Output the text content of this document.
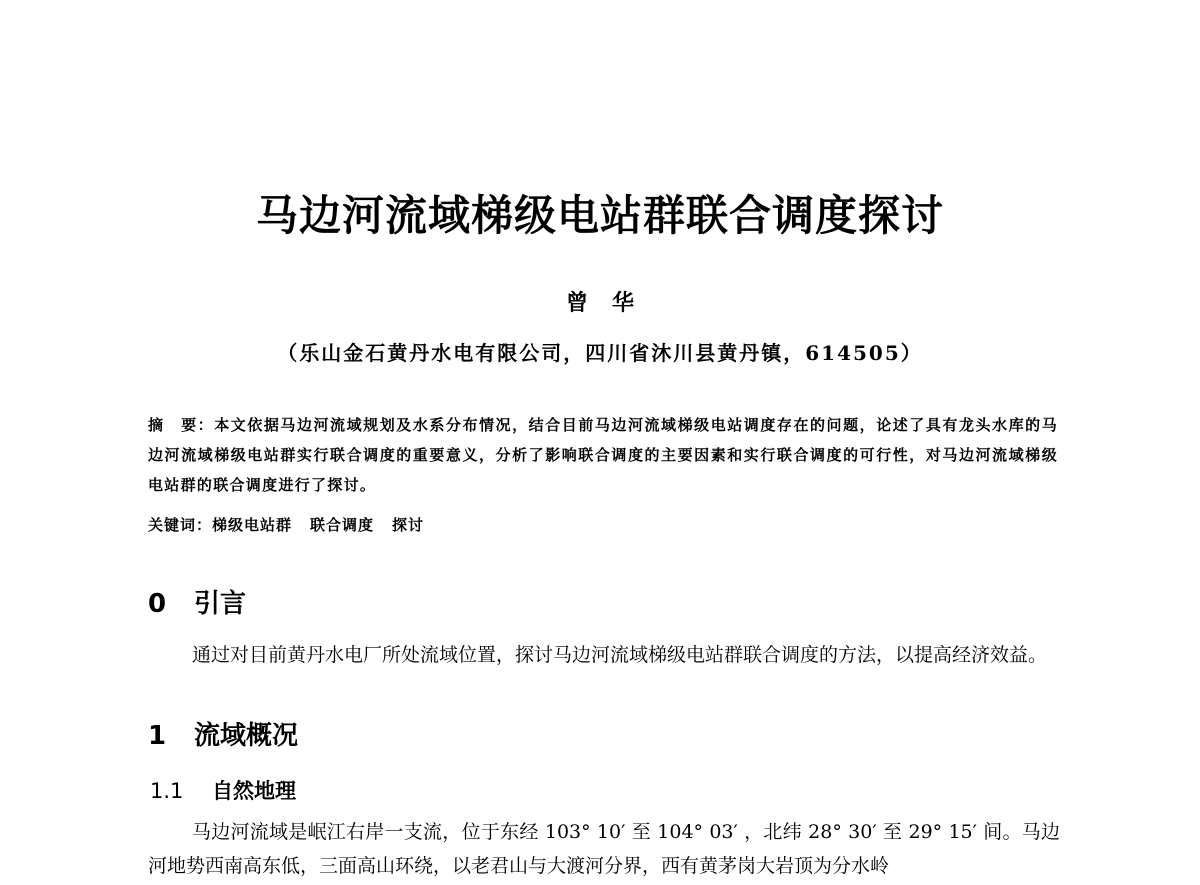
马边河流域梯级电站群联合调度探讨
曾华
（乐山金石黄丹水电有限公司，四川省沐川县黄丹镇，614505）
摘　要：本文依据马边河流域规划及水系分布情况，结合目前马边河流域梯级电站调度存在的问题，论述了具有龙头水库的马边河流域梯级电站群实行联合调度的重要意义，分析了影响联合调度的主要因素和实行联合调度的可行性，对马边河流域梯级电站群的联合调度进行了探讨。
关键词：梯级电站群 联合调度 探讨
0 引言
通过对目前黄丹水电厂所处流域位置，探讨马边河流域梯级电站群联合调度的方法，以提高经济效益。
1 流域概况
1.1 自然地理
马边河流域是岷江右岸一支流，位于东经 103° 10′ 至 104° 03′ ，北纬 28° 30′ 至 29° 15′ 间。马边河地势西南高东低，三面高山环绕，以老君山与大渡河分界，西有黄茅岗大岩顶为分水岭
